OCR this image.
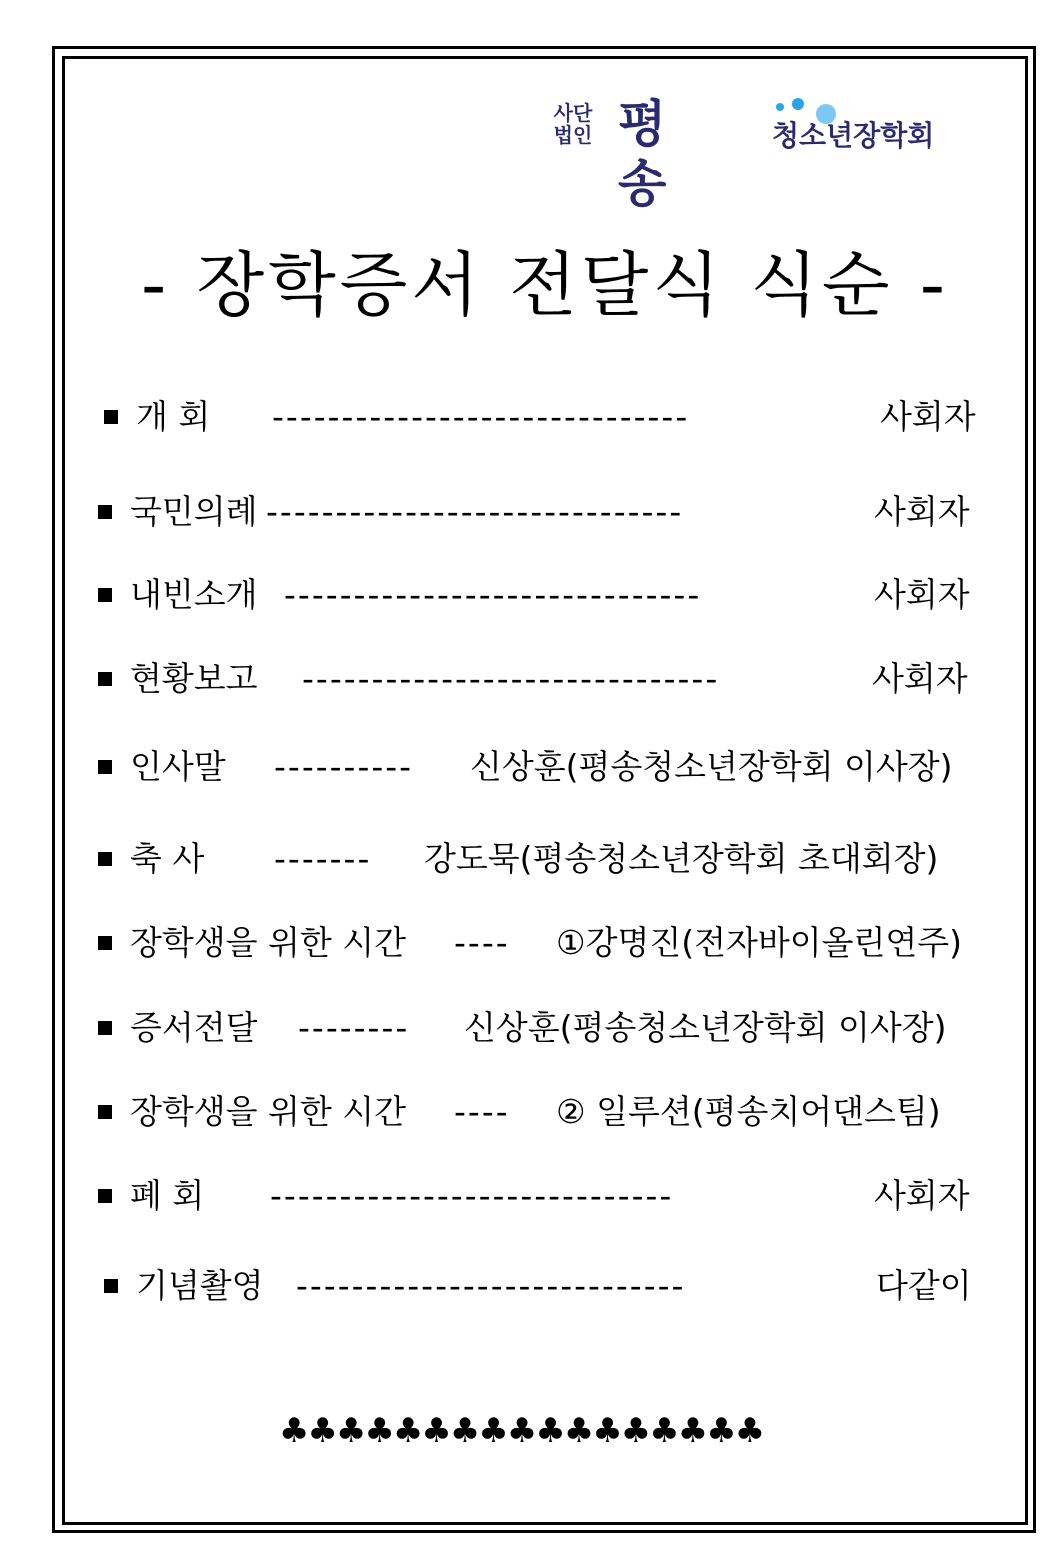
사단
법인 평송
청소년장학회
- 장학증서 전달식 식순 -
개 회 ------------------------------	사회자
국민의례 ------------------------------	사회자
내빈소개 ------------------------------	사회자
현황보고 ------------------------------	사회자
인사말 ---------- 신상훈(평송청소년장학회 이사장)
축 사 ------- 강도묵(평송청소년장학회 초대회장)
장학생을 위한 시간 ---- ①강명진(전자바이올린연주)
증서전달 -------- 신상훈(평송청소년장학회 이사장)
장학생을 위한 시간 ---- ② 일루션(평송치어댄스팀)
폐 회 -----------------------------	사회자
기념촬영 ----------------------------	다같이
♣♣♣♣♣♣♣♣♣♣♣♣♣♣♣♣♣
